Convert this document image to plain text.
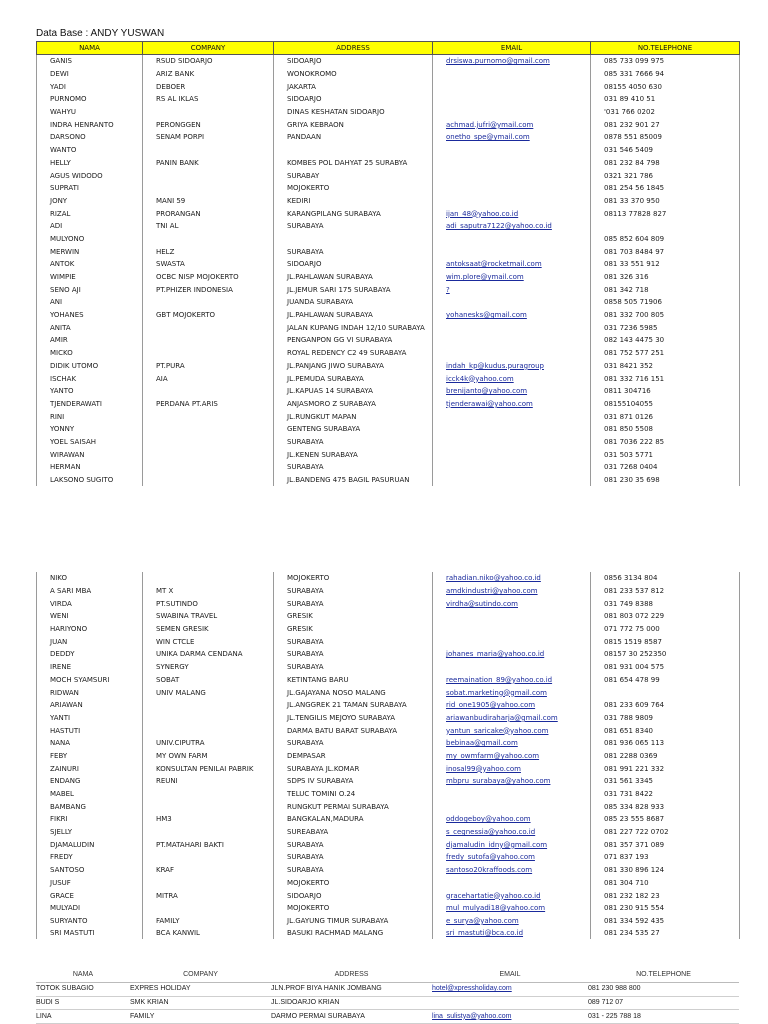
Data Base : ANDY YUSWAN
NAMA	COMPANY	ADDRESS	EMAIL	NO.TELEPHONE
GANIS	RSUD SIDOARJO	SIDOARJO	drsiswa.purnomo@gmail.com	085 733 099 975
DEWI	ARIZ BANK	WONOKROMO		085 331 7666 94
YADI	DEBOER	JAKARTA		08155 4050 630
PURNOMO	RS AL IKLAS	SIDOARJO		031 89 410 51
WAHYU		DINAS KESHATAN SIDOARJO		'031 766 0202
INDRA HENRANTO	PERONGGEN	GRIYA KEBRAON	achmad.jufri@ymail.com	081 232 901 27
DARSONO	SENAM PORPI	PANDAAN	onetho_spe@ymail.com	0878 551 85009
WANTO				031 546 5409
HELLY	PANIN BANK	KOMBES POL DAHYAT 25 SURABYA		081 232 84 798
AGUS WIDODO		SURABAY		0321 321 786
SUPRATI		MOJOKERTO		081 254 56 1845
JONY	MANI 59	KEDIRI		081 33 370 950
RIZAL	PRORANGAN	KARANGPILANG SURABAYA	ijan_48@yahoo.co.id	08113 77828 827
ADI	TNI AL	SURABAYA	adi_saputra7122@yahoo.co.id	
MULYONO				085 852 604 809
MERWIN	HELZ	SURABAYA		081 703 8484 97
ANTOK	SWASTA	SIDOARJO	antoksaat@rocketmail.com	081 33 551 912
WIMPIE	OCBC NISP MOJOKERTO	JL.PAHLAWAN SURABAYA	wim.plore@ymail.com	081 326 316
SENO AJI	PT.PHIZER INDONESIA	JL.JEMUR SARI 175 SURABAYA	?	081 342 718
ANI		JUANDA SURABAYA		0858 505 71906
YOHANES	GBT MOJOKERTO	JL.PAHLAWAN SURABAYA	yohanesks@gmail.com	081 332 700 805
ANITA		JALAN KUPANG INDAH 12/10 SURABAYA		031 7236 5985
AMIR		PENGANPON GG VI SURABAYA		082 143 4475 30
MICKO		ROYAL REDENCY C2 49 SURABAYA		081 752 577 251
DIDIK UTOMO	PT.PURA	JL.PANJANG JIWO SURABAYA	indah_kp@kudus.puragroup	031 8421 352
ISCHAK	AIA	JL.PEMUDA SURABAYA	icck4k@yahoo.com	081 332 716 151
YANTO		JL.KAPUAS 14 SURABAYA	brenijanto@yahoo.com	0811 304716
TJENDERAWATI	PERDANA PT.ARIS	ANJASMORO Z SURABAYA	tjenderawai@yahoo.com	08155104055
RINI		JL.RUNGKUT MAPAN		031 871 0126
YONNY		GENTENG SURABAYA		081 850 5508
YOEL SAISAH		SURABAYA		081 7036 222 85
WIRAWAN		JL.KENEN SURABAYA		031 503 5771
HERMAN		SURABAYA		031 7268 0404
LAKSONO SUGITO		JL.BANDENG 475 BAGIL PASURUAN		081 230 35 698
NIKO		MOJOKERTO	rahadian.niko@yahoo.co.id	0856 3134 804
A SARI MBA	MT X	SURABAYA	amdkindustri@yahoo.com	081 233 537 812
VIRDA	PT.SUTINDO	SURABAYA	virdha@sutindo.com	031 749 8388
WENI	SWABINA TRAVEL	GRESIK		081 803 072 229
HARIYONO	SEMEN GRESIK	GRESIK		071 772 75 000
JUAN	WIN CTCLE	SURABAYA		0815 1519 8587
DEDDY	UNIKA DARMA CENDANA	SURABAYA	johanes_maria@yahoo.co.id	08157 30 252350
IRENE	SYNERGY	SURABAYA		081 931 004 575
MOCH SYAMSURI	SOBAT	KETINTANG BARU	reemaination_89@yahoo.co.id	081 654 478 99
RIDWAN	UNIV MALANG	JL.GAJAYANA NOSO MALANG	sobat.marketing@gmail.com	
ARIAWAN		JL.ANGGREK 21 TAMAN SURABAYA	rid_one1905@yahoo.com	081 233 609 764
YANTI		JL.TENGILIS MEJOYO SURABAYA	ariawanbudiraharja@gmail.com	031 788 9809
HASTUTI		DARMA BATU BARAT SURABAYA	yantun_saricake@yahoo.com	081 651 8340
NANA	UNIV.CIPUTRA	SURABAYA	bebinaa@gmail.com	081 936 065 113
FEBY	MY OWN FARM	DEMPASAR	my_owmfarm@yahoo.com	081 2288 0369
ZAINURI	KONSULTAN PENILAI PABRIK	SURABAYA JL.KOMAR	inosal99@yahoo.com	081 991 221 332
ENDANG	REUNI	SDPS IV SURABAYA	mbpru_surabaya@yahoo.com	031 561 3345
MABEL		TELUC TOMINI O.24		031 731 8422
BAMBANG		RUNGKUT PERMAI SURABAYA		085 334 828 933
FIKRI	HM3	BANGKALAN,MADURA	oddogeboy@yahoo.com	085 23 555 8687
SJELLY		SUREABAYA	s_cegnessia@yahoo.co.id	081 227 722 0702
DJAMALUDIN	PT.MATAHARI BAKTI	SURABAYA	djamaludin_idny@gmail.com	081 357 371 089
FREDY		SURABAYA	fredy_sutofa@yahoo.com	071 837 193
SANTOSO	KRAF	SURABAYA	santoso20kraffoods.com	081 330 896 124
JUSUF		MOJOKERTO		081 304 710
GRACE	MITRA	SIDOARJO	gracehartatie@yahoo.co.id	081 232 182 23
MULYADI		MOJOKERTO	mul_mulyadi18@yahoo.com	081 230 915 554
SURYANTO	FAMILY	JL.GAYUNG TIMUR SURABAYA	e_surya@yahoo.com	081 334 592 435
SRI MASTUTI	BCA KANWIL	BASUKI RACHMAD MALANG	sri_mastuti@bca.co.id	081 234 535 27
NAMA	COMPANY	ADDRESS	EMAIL	NO.TELEPHONE
TOTOK SUBAGIO	EXPRES HOLIDAY	JLN.PROF BIYA HANIK JOMBANG	hotel@xpressholiday.com	081 230 988 800
BUDI S	SMK KRIAN	JL.SIDOARJO KRIAN		089 712 07
LINA	FAMILY	DARMO PERMAI SURABAYA	lina_sulistya@yahoo.com	031 - 225 788 18
